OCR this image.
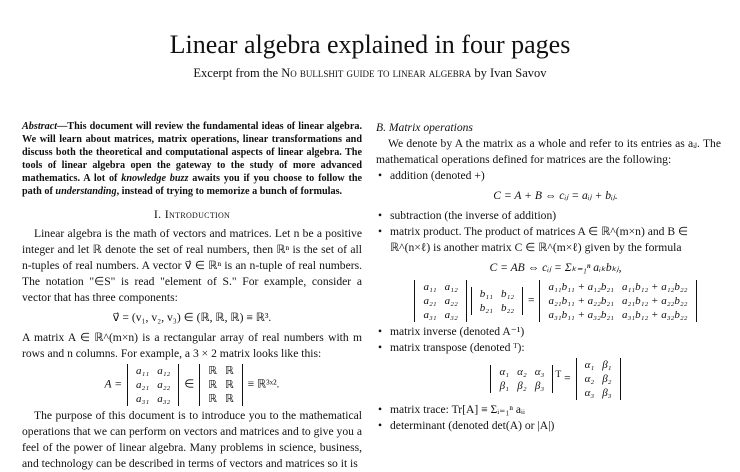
Linear algebra explained in four pages
Excerpt from the No bullshit guide to linear algebra by Ivan Savov
Abstract—This document will review the fundamental ideas of linear algebra. We will learn about matrices, matrix operations, linear transformations and discuss both the theoretical and computational aspects of linear algebra. The tools of linear algebra open the gateway to the study of more advanced mathematics. A lot of knowledge buzz awaits you if you choose to follow the path of understanding, instead of trying to memorize a bunch of formulas.
I. Introduction

Linear algebra is the math of vectors and matrices. Let n be a positive integer and let ℝ denote the set of real numbers, then ℝⁿ is the set of all n-tuples of real numbers. A vector v⃗ ∈ ℝⁿ is an n-tuple of real numbers. The notation "∈S" is read "element of S." For example, consider a vector that has three components:

v⃗ = (v₁, v₂, v₃) ∈ (ℝ, ℝ, ℝ) ≡ ℝ³.

A matrix A ∈ ℝ^(m×n) is a rectangular array of real numbers with m rows and n columns. For example, a 3 × 2 matrix looks like this:

A =
a₁₁	a₁₂
a₂₁	a₂₂
a₃₁	a₃₂
∈
ℝ	ℝ
ℝ	ℝ
ℝ	ℝ
≡ ℝ³ˣ².

The purpose of this document is to introduce you to the mathematical operations that we can perform on vectors and matrices and to give you a feel of the power of linear algebra. Many problems in science, business, and technology can be described in terms of vectors and matrices so it is

B. Matrix operations

We denote by A the matrix as a whole and refer to its entries as aᵢⱼ. The mathematical operations defined for matrices are the following:

• addition (denoted +)
C = A + B ⇔ cᵢⱼ = aᵢⱼ + bᵢⱼ.
• subtraction (the inverse of addition)
• matrix product. The product of matrices A ∈ ℝ^(m×n) and B ∈ ℝ^(n×ℓ) is another matrix C ∈ ℝ^(m×ℓ) given by the formula
C = AB ⇔ cᵢⱼ = Σₖ₌₁ⁿ aᵢₖbₖⱼ,
a₁₁	a₁₂
a₂₁	a₂₂
a₃₁	a₃₂
b₁₁	b₁₂
b₂₁	b₂₂
=
a₁₁b₁₁ + a₁₂b₂₁	a₁₁b₁₂ + a₁₂b₂₂
a₂₁b₁₁ + a₂₂b₂₁	a₂₁b₁₂ + a₂₂b₂₂
a₃₁b₁₁ + a₃₂b₂₁	a₃₁b₁₂ + a₃₂b₂₂
• matrix inverse (denoted A⁻¹)
• matrix transpose (denoted ᵀ):
α₁	α₂	α₃
β₁	β₂	β₃
$^T$ =
α₁	β₁
α₂	β₂
α₃	β₃
• matrix trace: Tr[A] ≡ Σᵢ₌₁ⁿ aᵢᵢ
• determinant (denoted det(A) or |A|)
